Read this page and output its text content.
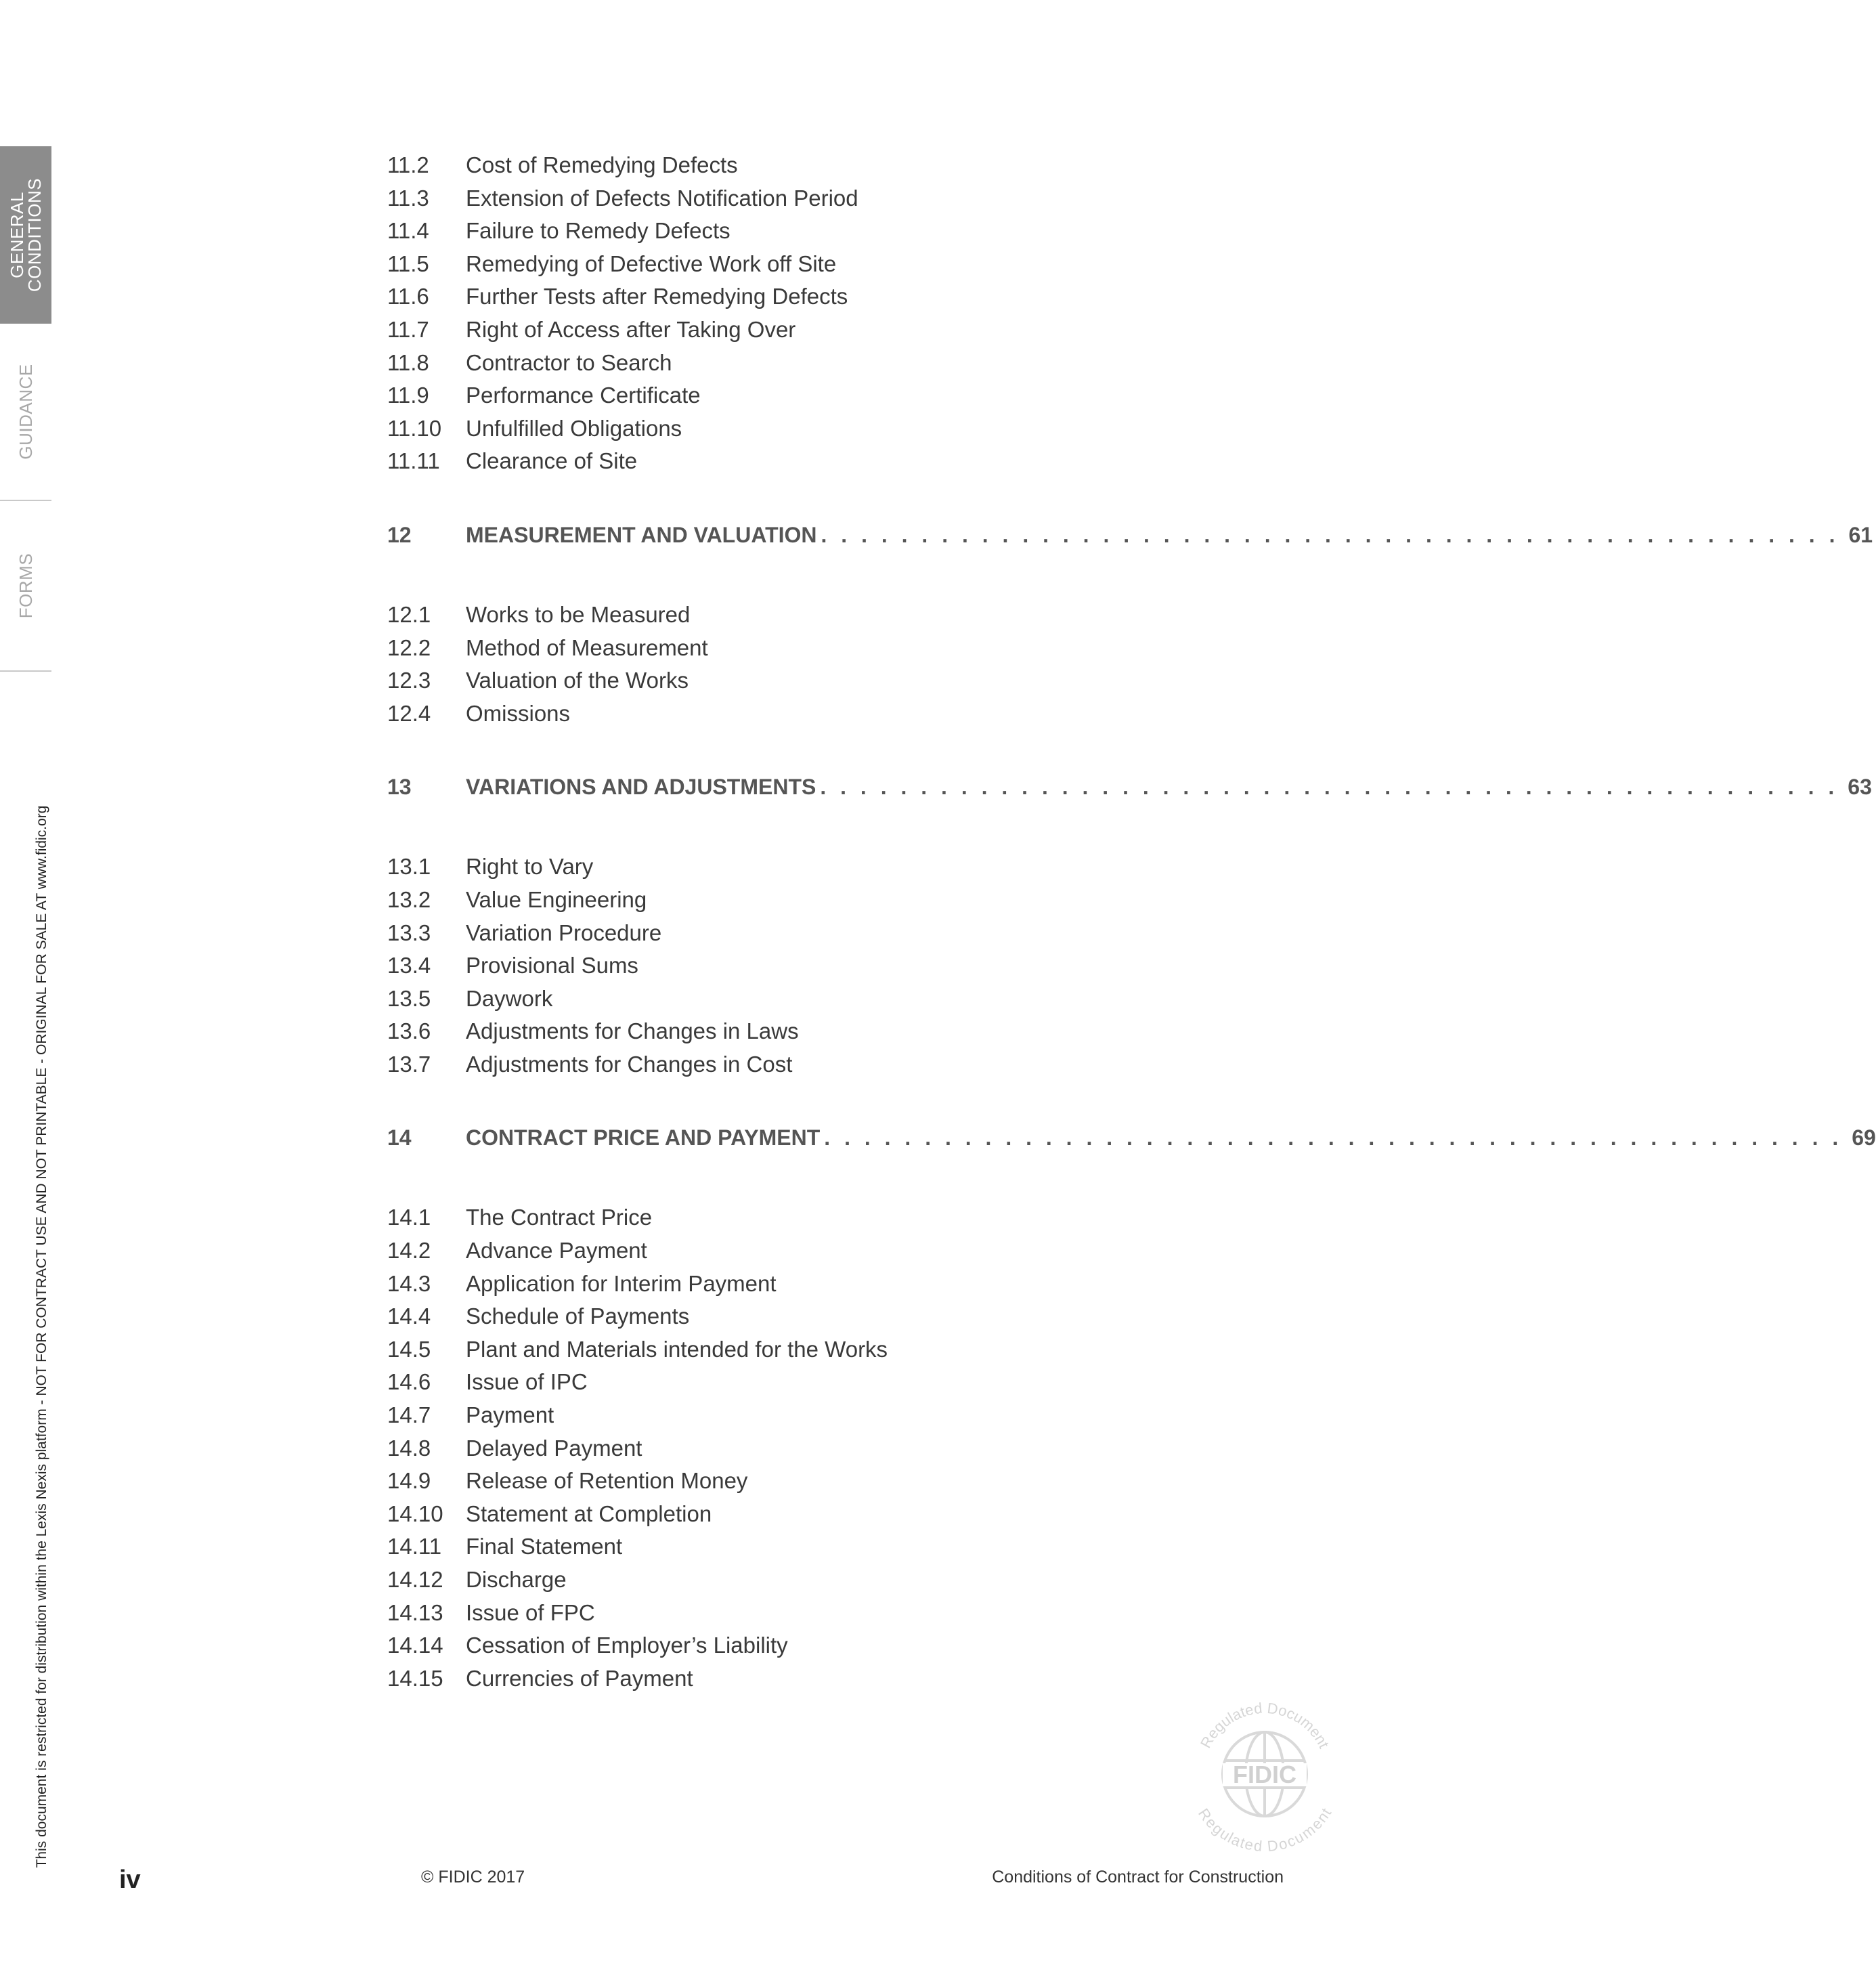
GENERAL
CONDITIONS
GUIDANCE
FORMS
This document is restricted for distribution within the Lexis Nexis platform - NOT FOR CONTRACT USE AND NOT PRINTABLE - ORIGINAL FOR SALE AT www.fidic.org
11.2	Cost of Remedying Defects
11.3	Extension of Defects Notification Period
11.4	Failure to Remedy Defects
11.5	Remedying of Defective Work off Site
11.6	Further Tests after Remedying Defects
11.7	Right of Access after Taking Over
11.8	Contractor to Search
11.9	Performance Certificate
11.10	Unfulfilled Obligations
11.11	Clearance of Site
12	MEASUREMENT AND VALUATION . . . . . . . . . . . . . . . . . . . . . . . . . . . . . . . . . . . . . . . . . . . . . . . . . . . 61
12.1	Works to be Measured
12.2	Method of Measurement
12.3	Valuation of the Works
12.4	Omissions
13	VARIATIONS AND ADJUSTMENTS . . . . . . . . . . . . . . . . . . . . . . . . . . . . . . . . . . . . . . . . . . . . . . . . . . . 63
13.1	Right to Vary
13.2	Value Engineering
13.3	Variation Procedure
13.4	Provisional Sums
13.5	Daywork
13.6	Adjustments for Changes in Laws
13.7	Adjustments for Changes in Cost
14	CONTRACT PRICE AND PAYMENT . . . . . . . . . . . . . . . . . . . . . . . . . . . . . . . . . . . . . . . . . . . . . . . . . . . 69
14.1	The Contract Price
14.2	Advance Payment
14.3	Application for Interim Payment
14.4	Schedule of Payments
14.5	Plant and Materials intended for the Works
14.6	Issue of IPC
14.7	Payment
14.8	Delayed Payment
14.9	Release of Retention Money
14.10	Statement at Completion
14.11	Final Statement
14.12	Discharge
14.13	Issue of FPC
14.14	Cessation of Employer’s Liability
14.15	Currencies of Payment
FIDIC
Regulated Document
Regulated Document
iv	© FIDIC 2017	Conditions of Contract for Construction
